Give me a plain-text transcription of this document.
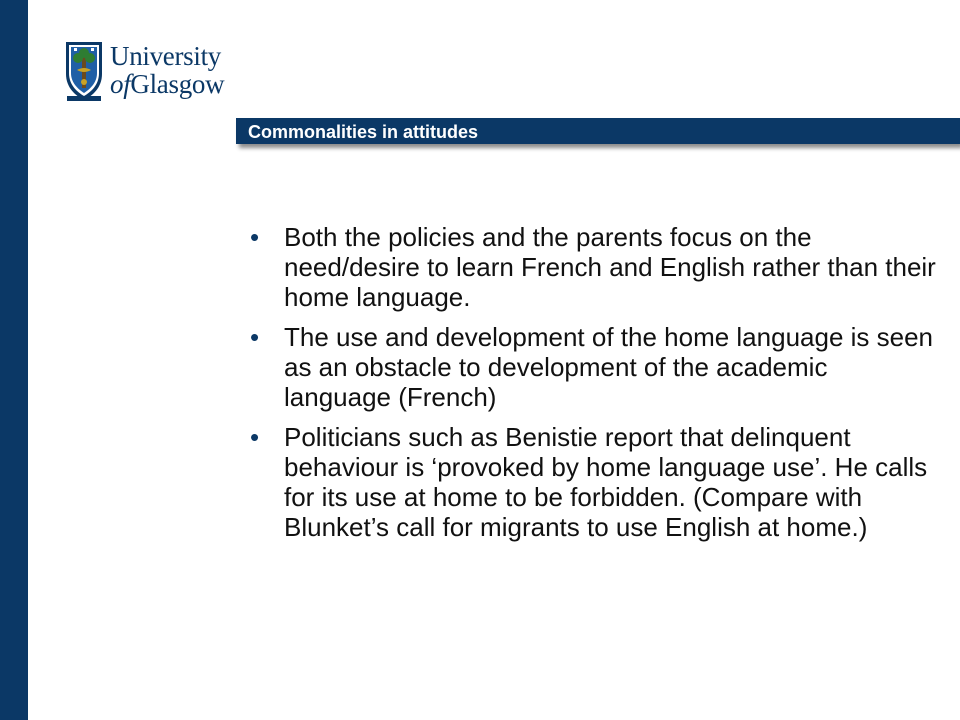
University
ofGlasgow
Commonalities in attitudes
• Both the policies and the parents focus on the need/desire to learn French and English rather than their home language.
• The use and development of the home language is seen as an obstacle to development of the academic language (French)
• Politicians such as Benistie report that delinquent behaviour is ‘provoked by home language use’. He calls for its use at home to be forbidden. (Compare with Blunket’s call for migrants to use English at home.)
